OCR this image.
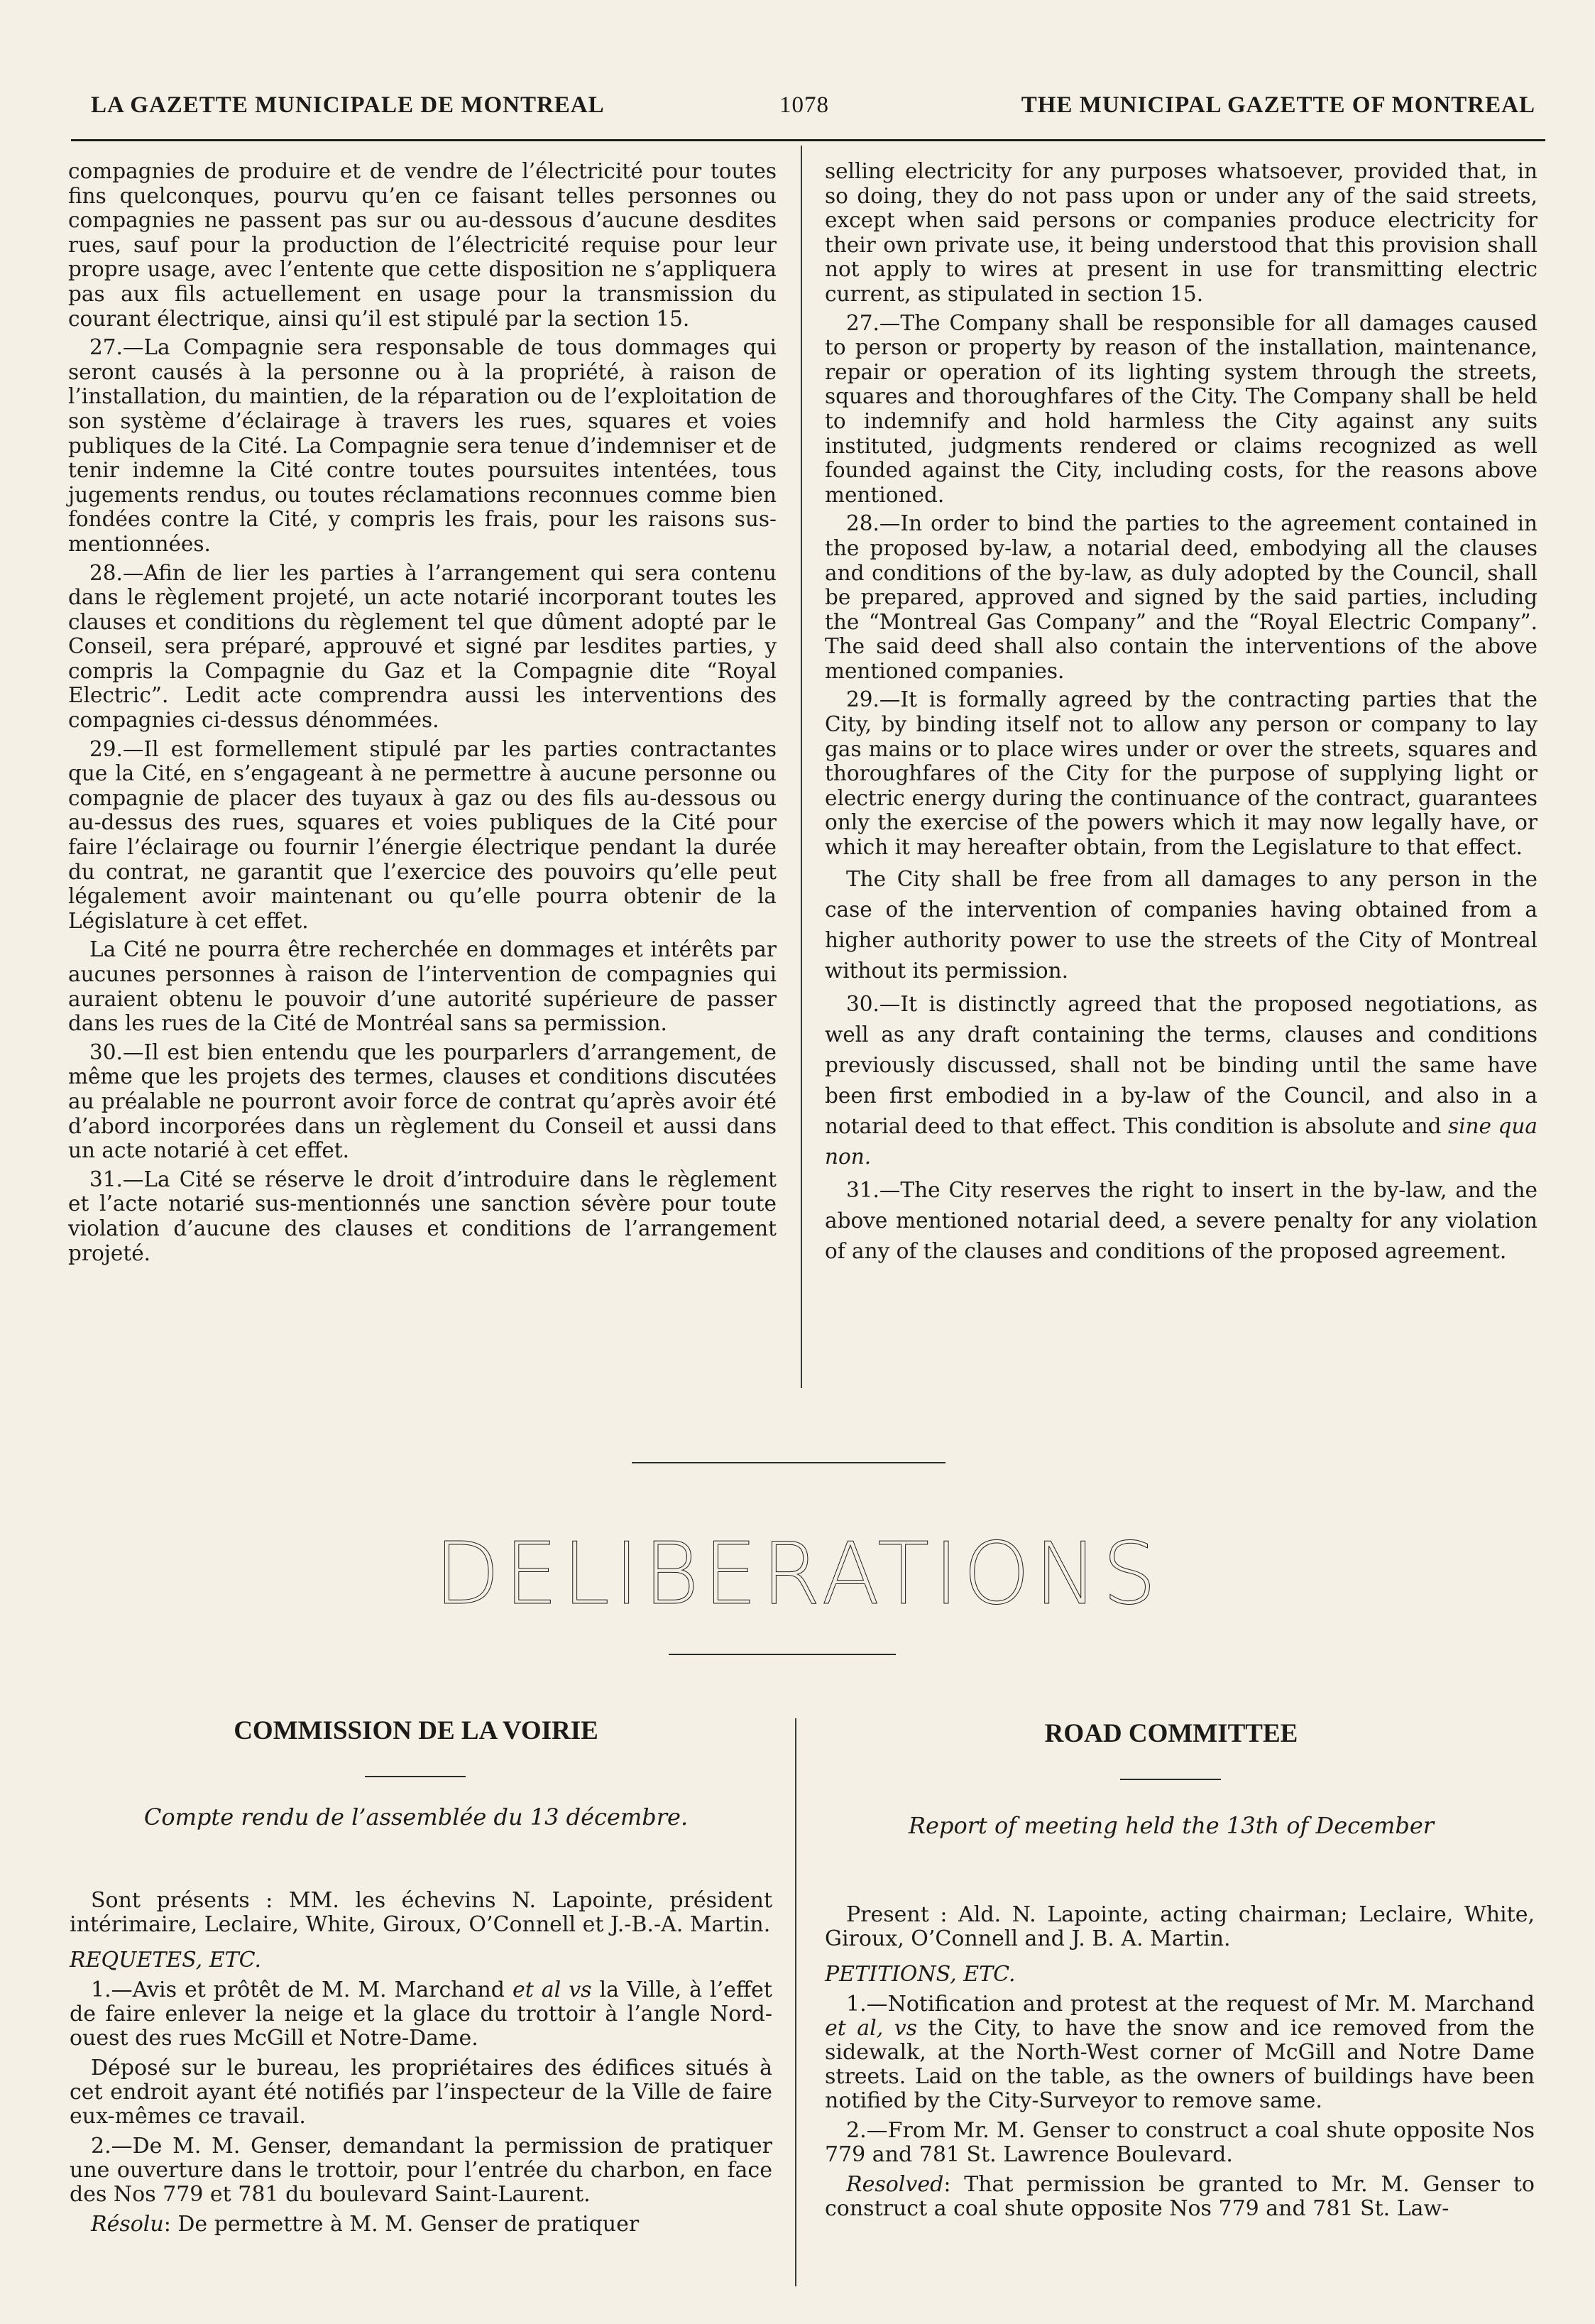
LA GAZETTE MUNICIPALE DE MONTREAL	1078	THE MUNICIPAL GAZETTE OF MONTREAL

compagnies de produire et de vendre de l’électricité pour toutes fins quelconques, pourvu qu’en ce faisant telles personnes ou compagnies ne passent pas sur ou au-dessous d’aucune desdites rues, sauf pour la production de l’électricité requise pour leur propre usage, avec l’entente que cette disposition ne s’appliquera pas aux fils actuellement en usage pour la transmission du courant électrique, ainsi qu’il est stipulé par la section 15.

27.—La Compagnie sera responsable de tous dommages qui seront causés à la personne ou à la propriété, à raison de l’installation, du maintien, de la réparation ou de l’exploitation de son système d’éclairage à travers les rues, squares et voies publiques de la Cité. La Compagnie sera tenue d’indemniser et de tenir indemne la Cité contre toutes poursuites intentées, tous jugements rendus, ou toutes réclamations reconnues comme bien fondées contre la Cité, y compris les frais, pour les raisons sus-mentionnées.

28.—Afin de lier les parties à l’arrangement qui sera contenu dans le règlement projeté, un acte notarié incorporant toutes les clauses et conditions du règlement tel que dûment adopté par le Conseil, sera préparé, approuvé et signé par lesdites parties, y compris la Compagnie du Gaz et la Compagnie dite “Royal Electric”. Ledit acte comprendra aussi les interventions des compagnies ci-dessus dénommées.

29.—Il est formellement stipulé par les parties contractantes que la Cité, en s’engageant à ne permettre à aucune personne ou compagnie de placer des tuyaux à gaz ou des fils au-dessous ou au-dessus des rues, squares et voies publiques de la Cité pour faire l’éclairage ou fournir l’énergie électrique pendant la durée du contrat, ne garantit que l’exercice des pouvoirs qu’elle peut légalement avoir maintenant ou qu’elle pourra obtenir de la Législature à cet effet.

La Cité ne pourra être recherchée en dommages et intérêts par aucunes personnes à raison de l’intervention de compagnies qui auraient obtenu le pouvoir d’une autorité supérieure de passer dans les rues de la Cité de Montréal sans sa permission.

30.—Il est bien entendu que les pourparlers d’arrangement, de même que les projets des termes, clauses et conditions discutées au préalable ne pourront avoir force de contrat qu’après avoir été d’abord incorporées dans un règlement du Conseil et aussi dans un acte notarié à cet effet.

31.—La Cité se réserve le droit d’introduire dans le règlement et l’acte notarié sus-mentionnés une sanction sévère pour toute violation d’aucune des clauses et conditions de l’arrangement projeté.

selling electricity for any purposes whatsoever, provided that, in so doing, they do not pass upon or under any of the said streets, except when said persons or companies produce electricity for their own private use, it being understood that this provision shall not apply to wires at present in use for transmitting electric current, as stipulated in section 15.

27.—The Company shall be responsible for all damages caused to person or property by reason of the installation, maintenance, repair or operation of its lighting system through the streets, squares and thoroughfares of the City. The Company shall be held to indemnify and hold harmless the City against any suits instituted, judgments rendered or claims recognized as well founded against the City, including costs, for the reasons above mentioned.

28.—In order to bind the parties to the agreement contained in the proposed by-law, a notarial deed, embodying all the clauses and conditions of the by-law, as duly adopted by the Council, shall be prepared, approved and signed by the said parties, including the “Montreal Gas Company” and the “Royal Electric Company”. The said deed shall also contain the interventions of the above mentioned companies.

29.—It is formally agreed by the contracting parties that the City, by binding itself not to allow any person or company to lay gas mains or to place wires under or over the streets, squares and thoroughfares of the City for the purpose of supplying light or electric energy during the continuance of the contract, guarantees only the exercise of the powers which it may now legally have, or which it may hereafter obtain, from the Legislature to that effect.

The City shall be free from all damages to any person in the case of the intervention of companies having obtained from a higher authority power to use the streets of the City of Montreal without its permission.

30.—It is distinctly agreed that the proposed negotiations, as well as any draft containing the terms, clauses and conditions previously discussed, shall not be binding until the same have been first embodied in a by-law of the Council, and also in a notarial deed to that effect. This condition is absolute and sine qua non.

31.—The City reserves the right to insert in the by-law, and the above mentioned notarial deed, a severe penalty for any violation of any of the clauses and conditions of the proposed agreement.

DELIBERATIONS
COMMISSION DE LA VOIRIE	ROAD COMMITTEE
Compte rendu de l’assemblée du 13 décembre.	Report of meeting held the 13th of December

Sont présents : MM. les échevins N. Lapointe, président intérimaire, Leclaire, White, Giroux, O’Connell et J.-B.-A. Martin.

REQUETES, ETC.

1.—Avis et prôtêt de M. M. Marchand et al vs la Ville, à l’effet de faire enlever la neige et la glace du trottoir à l’angle Nord-ouest des rues McGill et Notre-Dame.

Déposé sur le bureau, les propriétaires des édifices situés à cet endroit ayant été notifiés par l’inspecteur de la Ville de faire eux-mêmes ce travail.

2.—De M. M. Genser, demandant la permission de pratiquer une ouverture dans le trottoir, pour l’entrée du charbon, en face des Nos 779 et 781 du boulevard Saint-Laurent.

Résolu: De permettre à M. M. Genser de pratiquer

Present : Ald. N. Lapointe, acting chairman; Leclaire, White, Giroux, O’Connell and J. B. A. Martin.

PETITIONS, ETC.

1.—Notification and protest at the request of Mr. M. Marchand et al, vs the City, to have the snow and ice removed from the sidewalk, at the North-West corner of McGill and Notre Dame streets. Laid on the table, as the owners of buildings have been notified by the City-Surveyor to remove same.

2.—From Mr. M. Genser to construct a coal shute opposite Nos 779 and 781 St. Lawrence Boulevard.

Resolved: That permission be granted to Mr. M. Genser to construct a coal shute opposite Nos 779 and 781 St. Law-
